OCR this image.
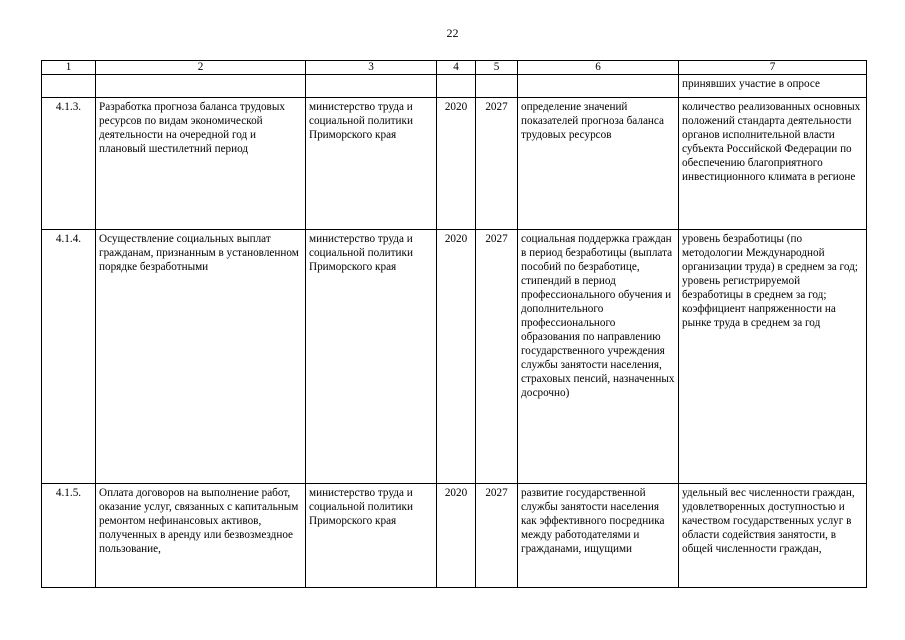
22
1	2	3	4	5	6	7
						принявших участие в опросе
4.1.3.	Разработка прогноза баланса трудовых ресурсов по видам экономической деятельности на очередной год и плановый шестилетний период	министерство труда и социальной политики Приморского края	2020	2027	определение значений показателей прогноза баланса трудовых ресурсов	количество реализованных основных положений стандарта деятельности органов исполнительной власти субъекта Российской Федерации по обеспечению благоприятного инвестиционного климата в регионе
4.1.4.	Осуществление социальных выплат гражданам, признанным в установленном порядке безработными	министерство труда и социальной политики Приморского края	2020	2027	социальная поддержка граждан в период безработицы (выплата пособий по безработице, стипендий в период профессионального обучения и дополнительного профессионального образования по направлению государственного учреждения службы занятости населения, страховых пенсий, назначенных досрочно)	уровень безработицы (по методологии Международной организации труда) в среднем за год; уровень регистрируемой безработицы в среднем за год; коэффициент напряженности на рынке труда в среднем за год
4.1.5.	Оплата договоров на выполнение работ, оказание услуг, связанных с капитальным ремонтом нефинансовых активов, полученных в аренду или безвозмездное пользование,	министерство труда и социальной политики Приморского края	2020	2027	развитие государственной службы занятости населения как эффективного посредника между работодателями и гражданами, ищущими	удельный вес численности граждан, удовлетворенных доступностью и качеством государственных услуг в области содействия занятости, в общей численности граждан,
